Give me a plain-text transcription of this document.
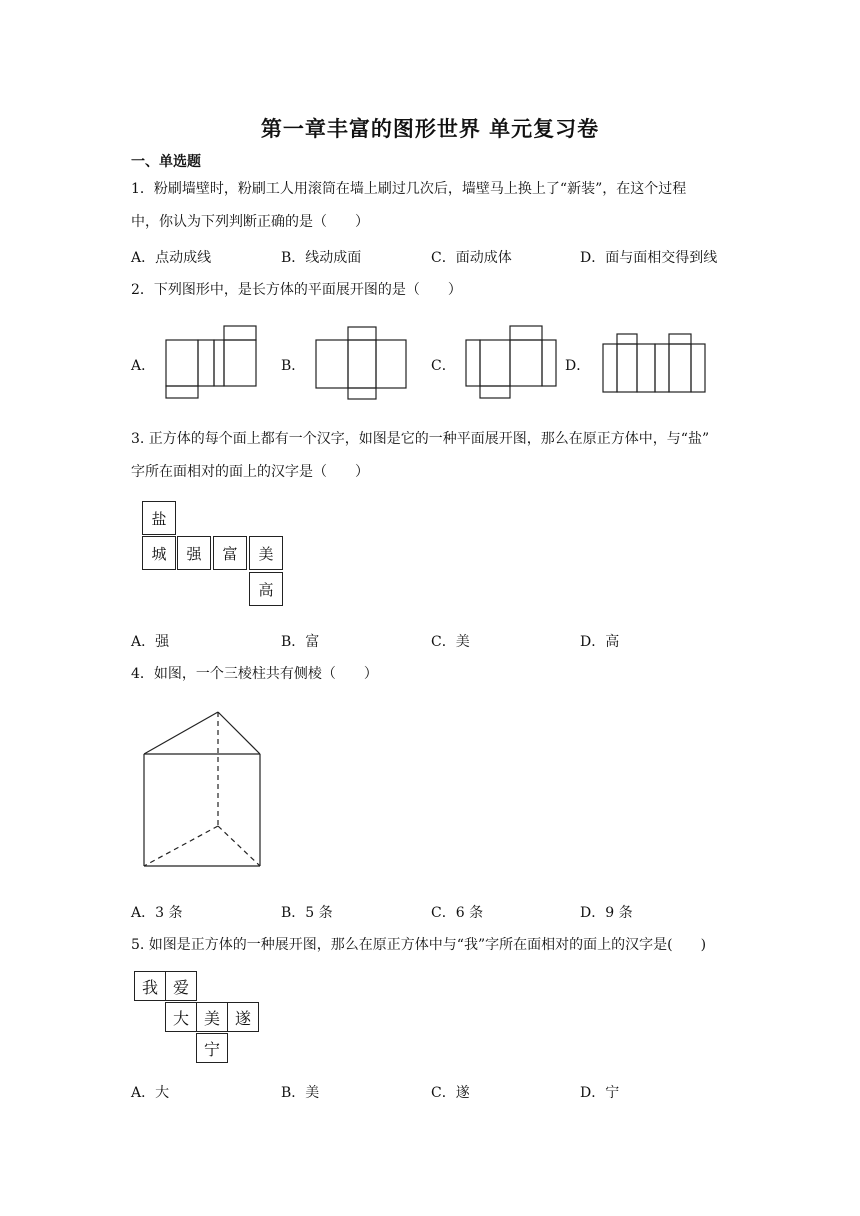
第一章丰富的图形世界 单元复习卷
一、单选题
1．粉刷墙壁时，粉刷工人用滚筒在墙上刷过几次后，墙壁马上换上了“新装”，在这个过程
中，你认为下列判断正确的是（　　）
A．点动成线	B．线动成面	C．面动成体	D．面与面相交得到线
2．下列图形中，是长方体的平面展开图的是（　　）
A．	B．	C．	D．
3. 正方体的每个面上都有一个汉字，如图是它的一种平面展开图，那么在原正方体中，与“盐”
字所在面相对的面上的汉字是（　　）
盐
城	强	富	美
高
A．强	B．富	C．美	D．高
4．如图，一个三棱柱共有侧棱（　　）
A．3 条	B．5 条	C．6 条	D．9 条
5. 如图是正方体的一种展开图，那么在原正方体中与“我”字所在面相对的面上的汉字是(　　)
我 爱
大 美 遂
宁
A．大	B．美	C．遂	D．宁
